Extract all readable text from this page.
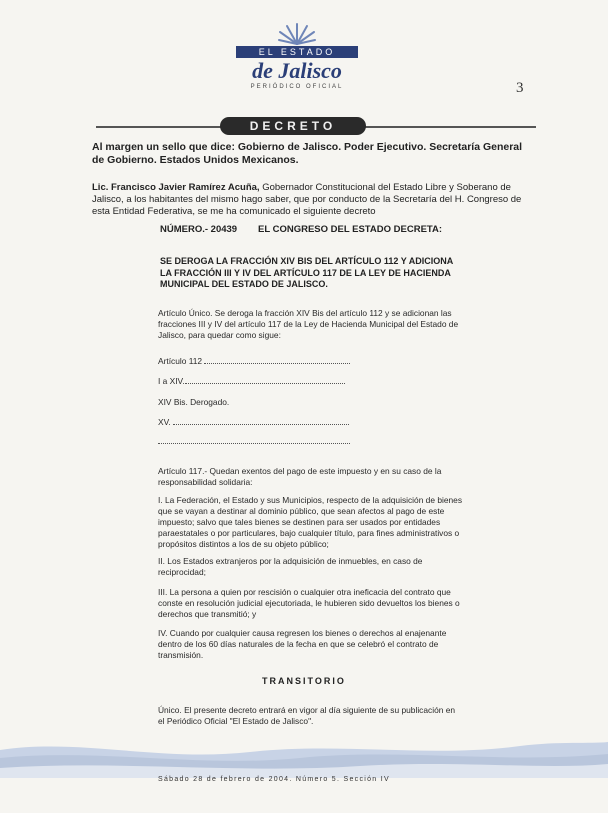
EL ESTADO
de Jalisco
PERIÓDICO OFICIAL	3
DECRETO
Al margen un sello que dice: Gobierno de Jalisco. Poder Ejecutivo. Secretaría General de Gobierno. Estados Unidos Mexicanos.
Lic. Francisco Javier Ramírez Acuña, Gobernador Constitucional del Estado Libre y Soberano de Jalisco, a los habitantes del mismo hago saber, que por conducto de la Secretaría del H. Congreso de esta Entidad Federativa, se me ha comunicado el siguiente decreto
NÚMERO.- 20439 EL CONGRESO DEL ESTADO DECRETA:
SE DEROGA LA FRACCIÓN XIV BIS DEL ARTÍCULO 112 Y ADICIONA LA FRACCIÓN III Y IV DEL ARTÍCULO 117 DE LA LEY DE HACIENDA MUNICIPAL DEL ESTADO DE JALISCO.
Artículo Único. Se deroga la fracción XIV Bis del artículo 112 y se adicionan las fracciones III y IV del artículo 117 de la Ley de Hacienda Municipal del Estado de Jalisco, para quedar como sigue:
Artículo 112
I a XIV.
XIV Bis. Derogado.
XV.
Artículo 117.- Quedan exentos del pago de este impuesto y en su caso de la responsabilidad solidaria:
I. La Federación, el Estado y sus Municipios, respecto de la adquisición de bienes que se vayan a destinar al dominio público, que sean afectos al pago de este impuesto; salvo que tales bienes se destinen para ser usados por entidades paraestatales o por particulares, bajo cualquier título, para fines administrativos o propósitos distintos a los de su objeto público;
II. Los Estados extranjeros por la adquisición de inmuebles, en caso de reciprocidad;
III. La persona a quien por rescisión o cualquier otra ineficacia del contrato que conste en resolución judicial ejecutoriada, le hubieren sido devueltos los bienes o derechos que transmitió; y
IV. Cuando por cualquier causa regresen los bienes o derechos al enajenante dentro de los 60 días naturales de la fecha en que se celebró el contrato de transmisión.
TRANSITORIO
Único. El presente decreto entrará en vigor al día siguiente de su publicación en el Periódico Oficial "El Estado de Jalisco".
Sábado 28 de febrero de 2004. Número 5. Sección IV
